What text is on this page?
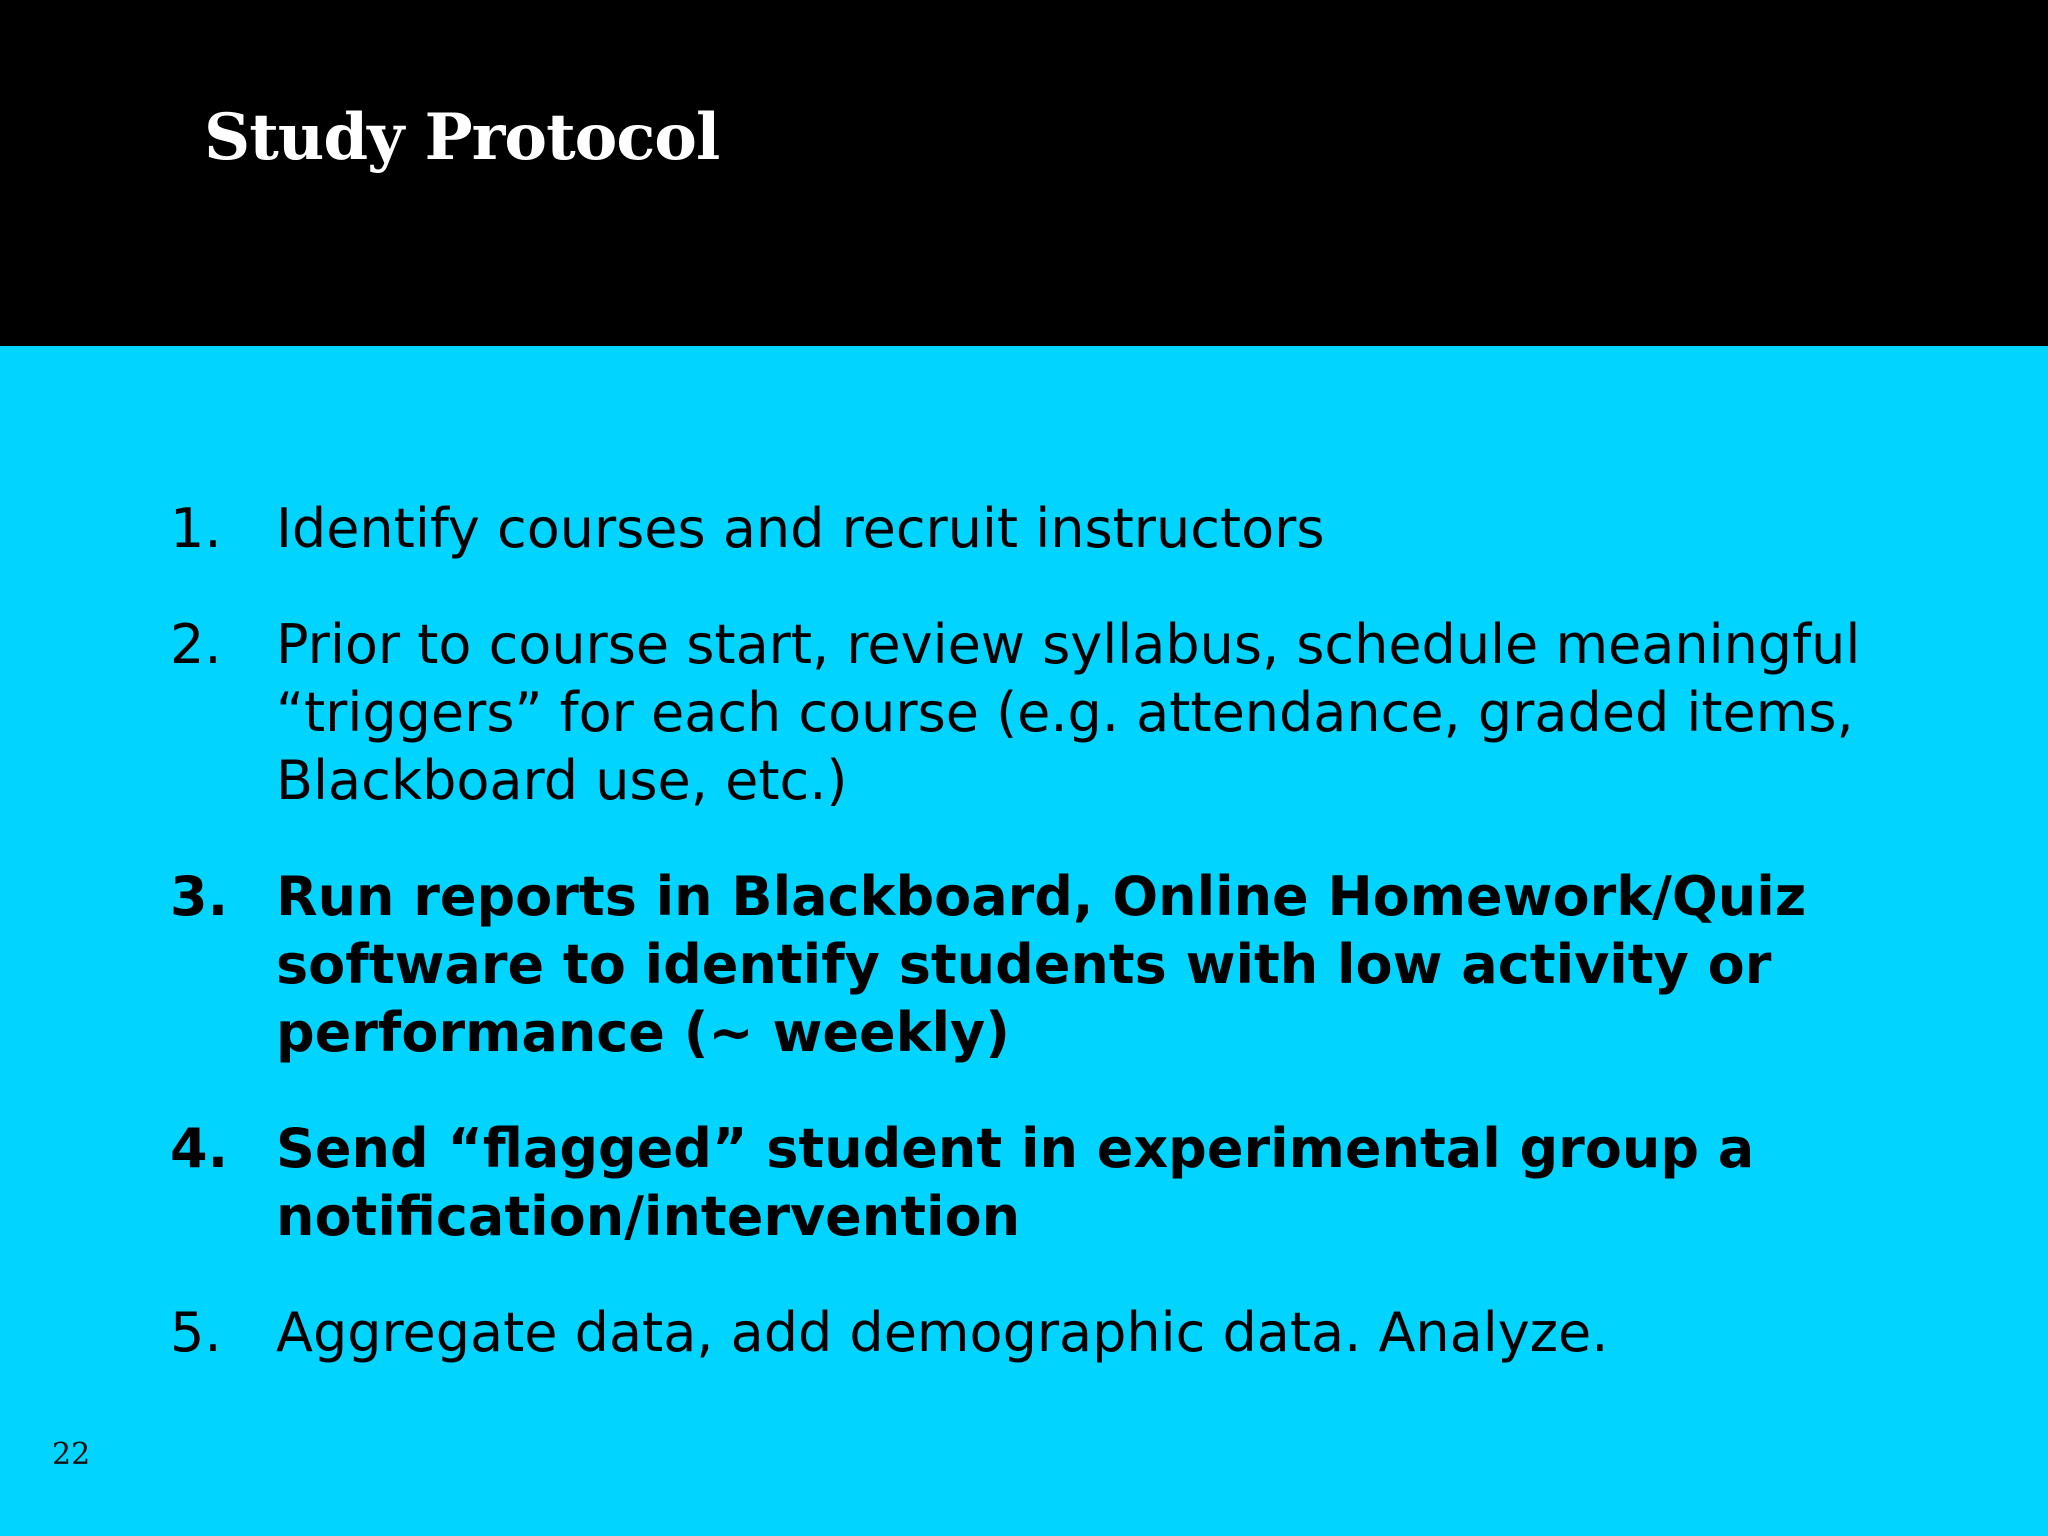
Study Protocol
1. Identify courses and recruit instructors
2. Prior to course start, review syllabus, schedule meaningful “triggers” for each course (e.g. attendance, graded items, Blackboard use, etc.)
3. Run reports in Blackboard, Online Homework/Quiz software to identify students with low activity or performance (~ weekly)
4. Send “flagged” student in experimental group a notification/intervention
5. Aggregate data, add demographic data. Analyze.
22
